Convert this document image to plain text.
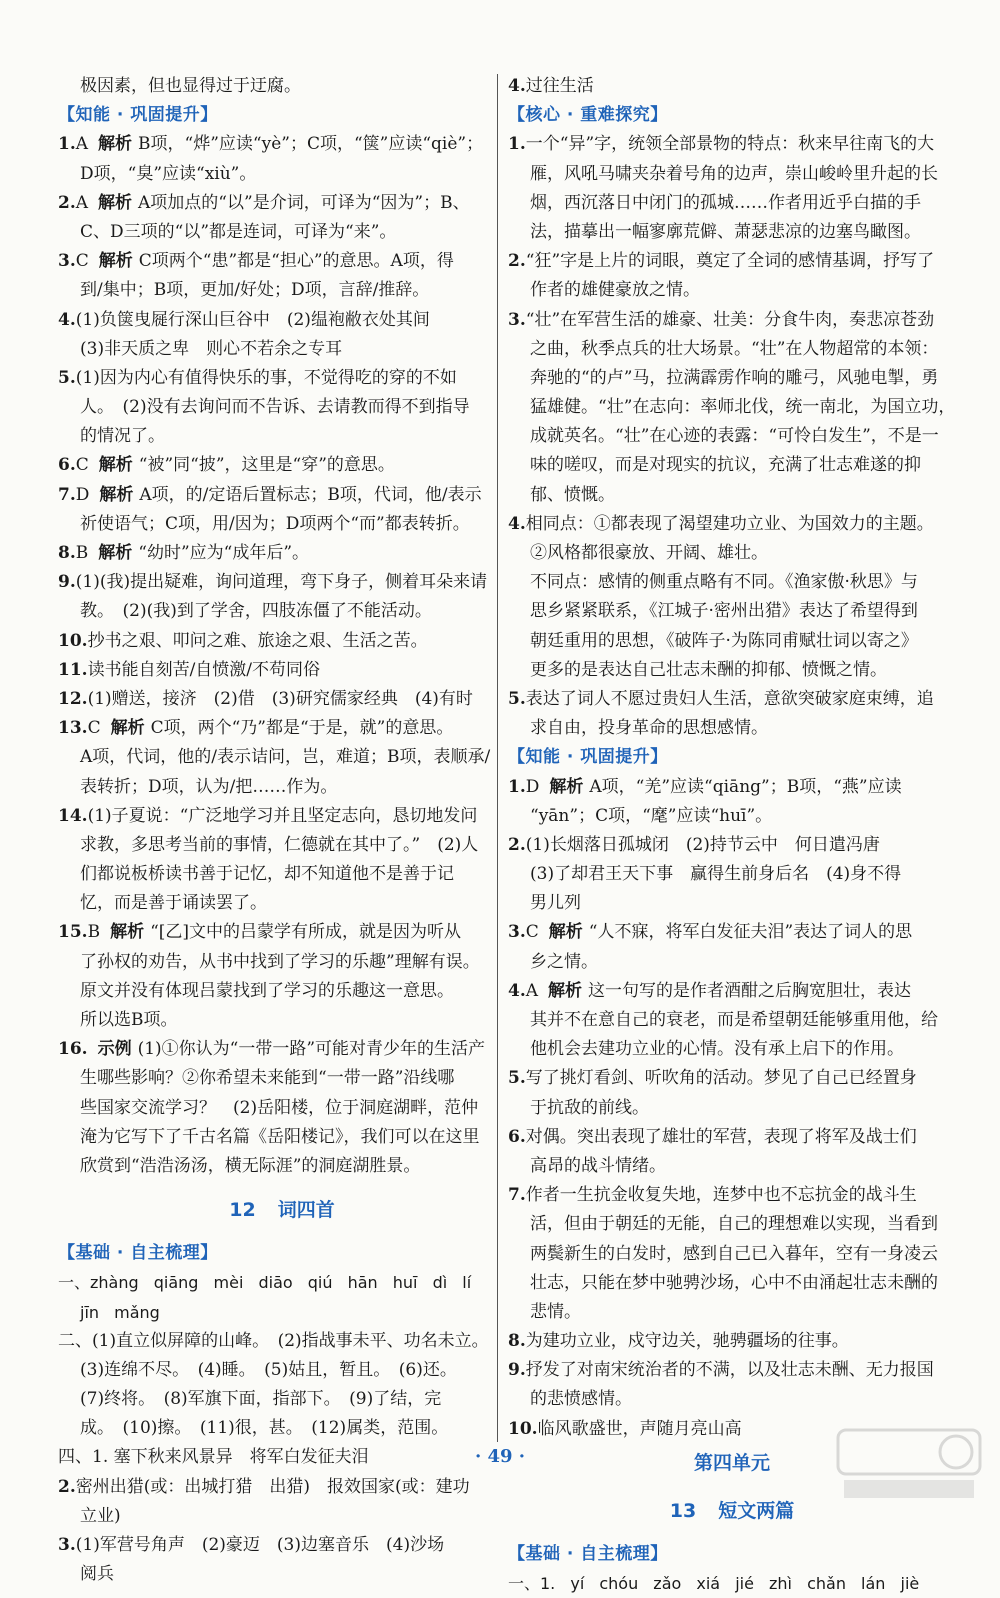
极因素，但也显得过于迂腐。
【知能 · 巩固提升】
1.A 解析 B项，“烨”应读“yè”；C项，“箧”应读“qiè”；
D项，“臭”应读“xiù”。
2.A 解析 A项加点的“以”是介词，可译为“因为”；B、
C、D三项的“以”都是连词，可译为“来”。
3.C 解析 C项两个“患”都是“担心”的意思。A项，得
到/集中；B项，更加/好处；D项，言辞/推辞。
4.(1)负箧曳屣行深山巨谷中　(2)缊袍敝衣处其间
(3)非天质之卑　则心不若余之专耳
5.(1)因为内心有值得快乐的事，不觉得吃的穿的不如
人。　(2)没有去询问而不告诉、去请教而得不到指导
的情况了。
6.C 解析 “被”同“披”，这里是“穿”的意思。
7.D 解析 A项，的/定语后置标志；B项，代词，他/表示
祈使语气；C项，用/因为；D项两个“而”都表转折。
8.B 解析 “幼时”应为“成年后”。
9.(1)(我)提出疑难，询问道理，弯下身子，侧着耳朵来请
教。　(2)(我)到了学舍，四肢冻僵了不能活动。
10.抄书之艰、叩问之难、旅途之艰、生活之苦。
11.读书能自刻苦/自愤激/不苟同俗
12.(1)赠送，接济　(2)借　(3)研究儒家经典　(4)有时
13.C 解析 C项，两个“乃”都是“于是，就”的意思。
A项，代词，他的/表示诘问，岂，难道；B项，表顺承/
表转折；D项，认为/把……作为。
14.(1)子夏说：“广泛地学习并且坚定志向，恳切地发问
求教，多思考当前的事情，仁德就在其中了。”　(2)人
们都说板桥读书善于记忆，却不知道他不是善于记
忆，而是善于诵读罢了。
15.B 解析 “[乙]文中的吕蒙学有所成，就是因为听从
了孙权的劝告，从书中找到了学习的乐趣”理解有误。
原文并没有体现吕蒙找到了学习的乐趣这一意思。
所以选B项。
16. 示例 (1)①你认为“一带一路”可能对青少年的生活产
生哪些影响？②你希望未来能到“一带一路”沿线哪
些国家交流学习？　(2)岳阳楼，位于洞庭湖畔，范仲
淹为它写下了千古名篇《岳阳楼记》，我们可以在这里
欣赏到“浩浩汤汤，横无际涯”的洞庭湖胜景。
12 词四首
【基础 · 自主梳理】
一、zhàng qiāng mèi diāo qiú hān huī dì lí
jīn mǎng
二、(1)直立似屏障的山峰。　(2)指战事未平、功名未立。
(3)连绵不尽。　(4)睡。　(5)姑且，暂且。　(6)还。
(7)终将。　(8)军旗下面，指部下。　(9)了结，完
成。　(10)擦。　(11)很，甚。　(12)属类，范围。
四、1. 塞下秋来风景异　将军白发征夫泪
2.密州出猎(或：出城打猎　出猎)　报效国家(或：建功
立业)
3.(1)军营号角声　(2)豪迈　(3)边塞音乐　(4)沙场
阅兵
4.过往生活
【核心 · 重难探究】
1.一个“异”字，统领全部景物的特点：秋来早往南飞的大
雁，风吼马啸夹杂着号角的边声，崇山峻岭里升起的长
烟，西沉落日中闭门的孤城……作者用近乎白描的手
法，描摹出一幅寥廓荒僻、萧瑟悲凉的边塞鸟瞰图。
2.“狂”字是上片的词眼，奠定了全词的感情基调，抒写了
作者的雄健豪放之情。
3.“壮”在军营生活的雄豪、壮美：分食牛肉，奏悲凉苍劲
之曲，秋季点兵的壮大场景。“壮”在人物超常的本领：
奔驰的“的卢”马，拉满霹雳作响的雕弓，风驰电掣，勇
猛雄健。“壮”在志向：率师北伐，统一南北，为国立功，
成就英名。“壮”在心迹的表露：“可怜白发生”，不是一
味的嗟叹，而是对现实的抗议，充满了壮志难遂的抑
郁、愤慨。
4.相同点：①都表现了渴望建功立业、为国效力的主题。
②风格都很豪放、开阔、雄壮。
不同点：感情的侧重点略有不同。《渔家傲·秋思》与
思乡紧紧联系，《江城子·密州出猎》表达了希望得到
朝廷重用的思想，《破阵子·为陈同甫赋壮词以寄之》
更多的是表达自己壮志未酬的抑郁、愤慨之情。
5.表达了词人不愿过贵妇人生活，意欲突破家庭束缚，追
求自由，投身革命的思想感情。
【知能 · 巩固提升】
1.D 解析 A项，“羌”应读“qiāng”；B项，“燕”应读
“yān”；C项，“麾”应读“huī”。
2.(1)长烟落日孤城闭　(2)持节云中　何日遣冯唐
(3)了却君王天下事　赢得生前身后名　(4)身不得
男儿列
3.C 解析 “人不寐，将军白发征夫泪”表达了词人的思
乡之情。
4.A 解析 这一句写的是作者酒酣之后胸宽胆壮，表达
其并不在意自己的衰老，而是希望朝廷能够重用他，给
他机会去建功立业的心情。没有承上启下的作用。
5.写了挑灯看剑、听吹角的活动。梦见了自己已经置身
于抗敌的前线。
6.对偶。突出表现了雄壮的军营，表现了将军及战士们
高昂的战斗情绪。
7.作者一生抗金收复失地，连梦中也不忘抗金的战斗生
活，但由于朝廷的无能，自己的理想难以实现，当看到
两鬓新生的白发时，感到自己已入暮年，空有一身凌云
壮志，只能在梦中驰骋沙场，心中不由涌起壮志未酬的
悲情。
8.为建功立业，戍守边关，驰骋疆场的往事。
9.抒发了对南宋统治者的不满，以及壮志未酬、无力报国
的悲愤感情。
10.临风歌盛世，声随月亮山高
第四单元
13 短文两篇
【基础 · 自主梳理】
一、1. yí chóu zǎo xiá jié zhì chǎn lán jiè
· 49 ·
